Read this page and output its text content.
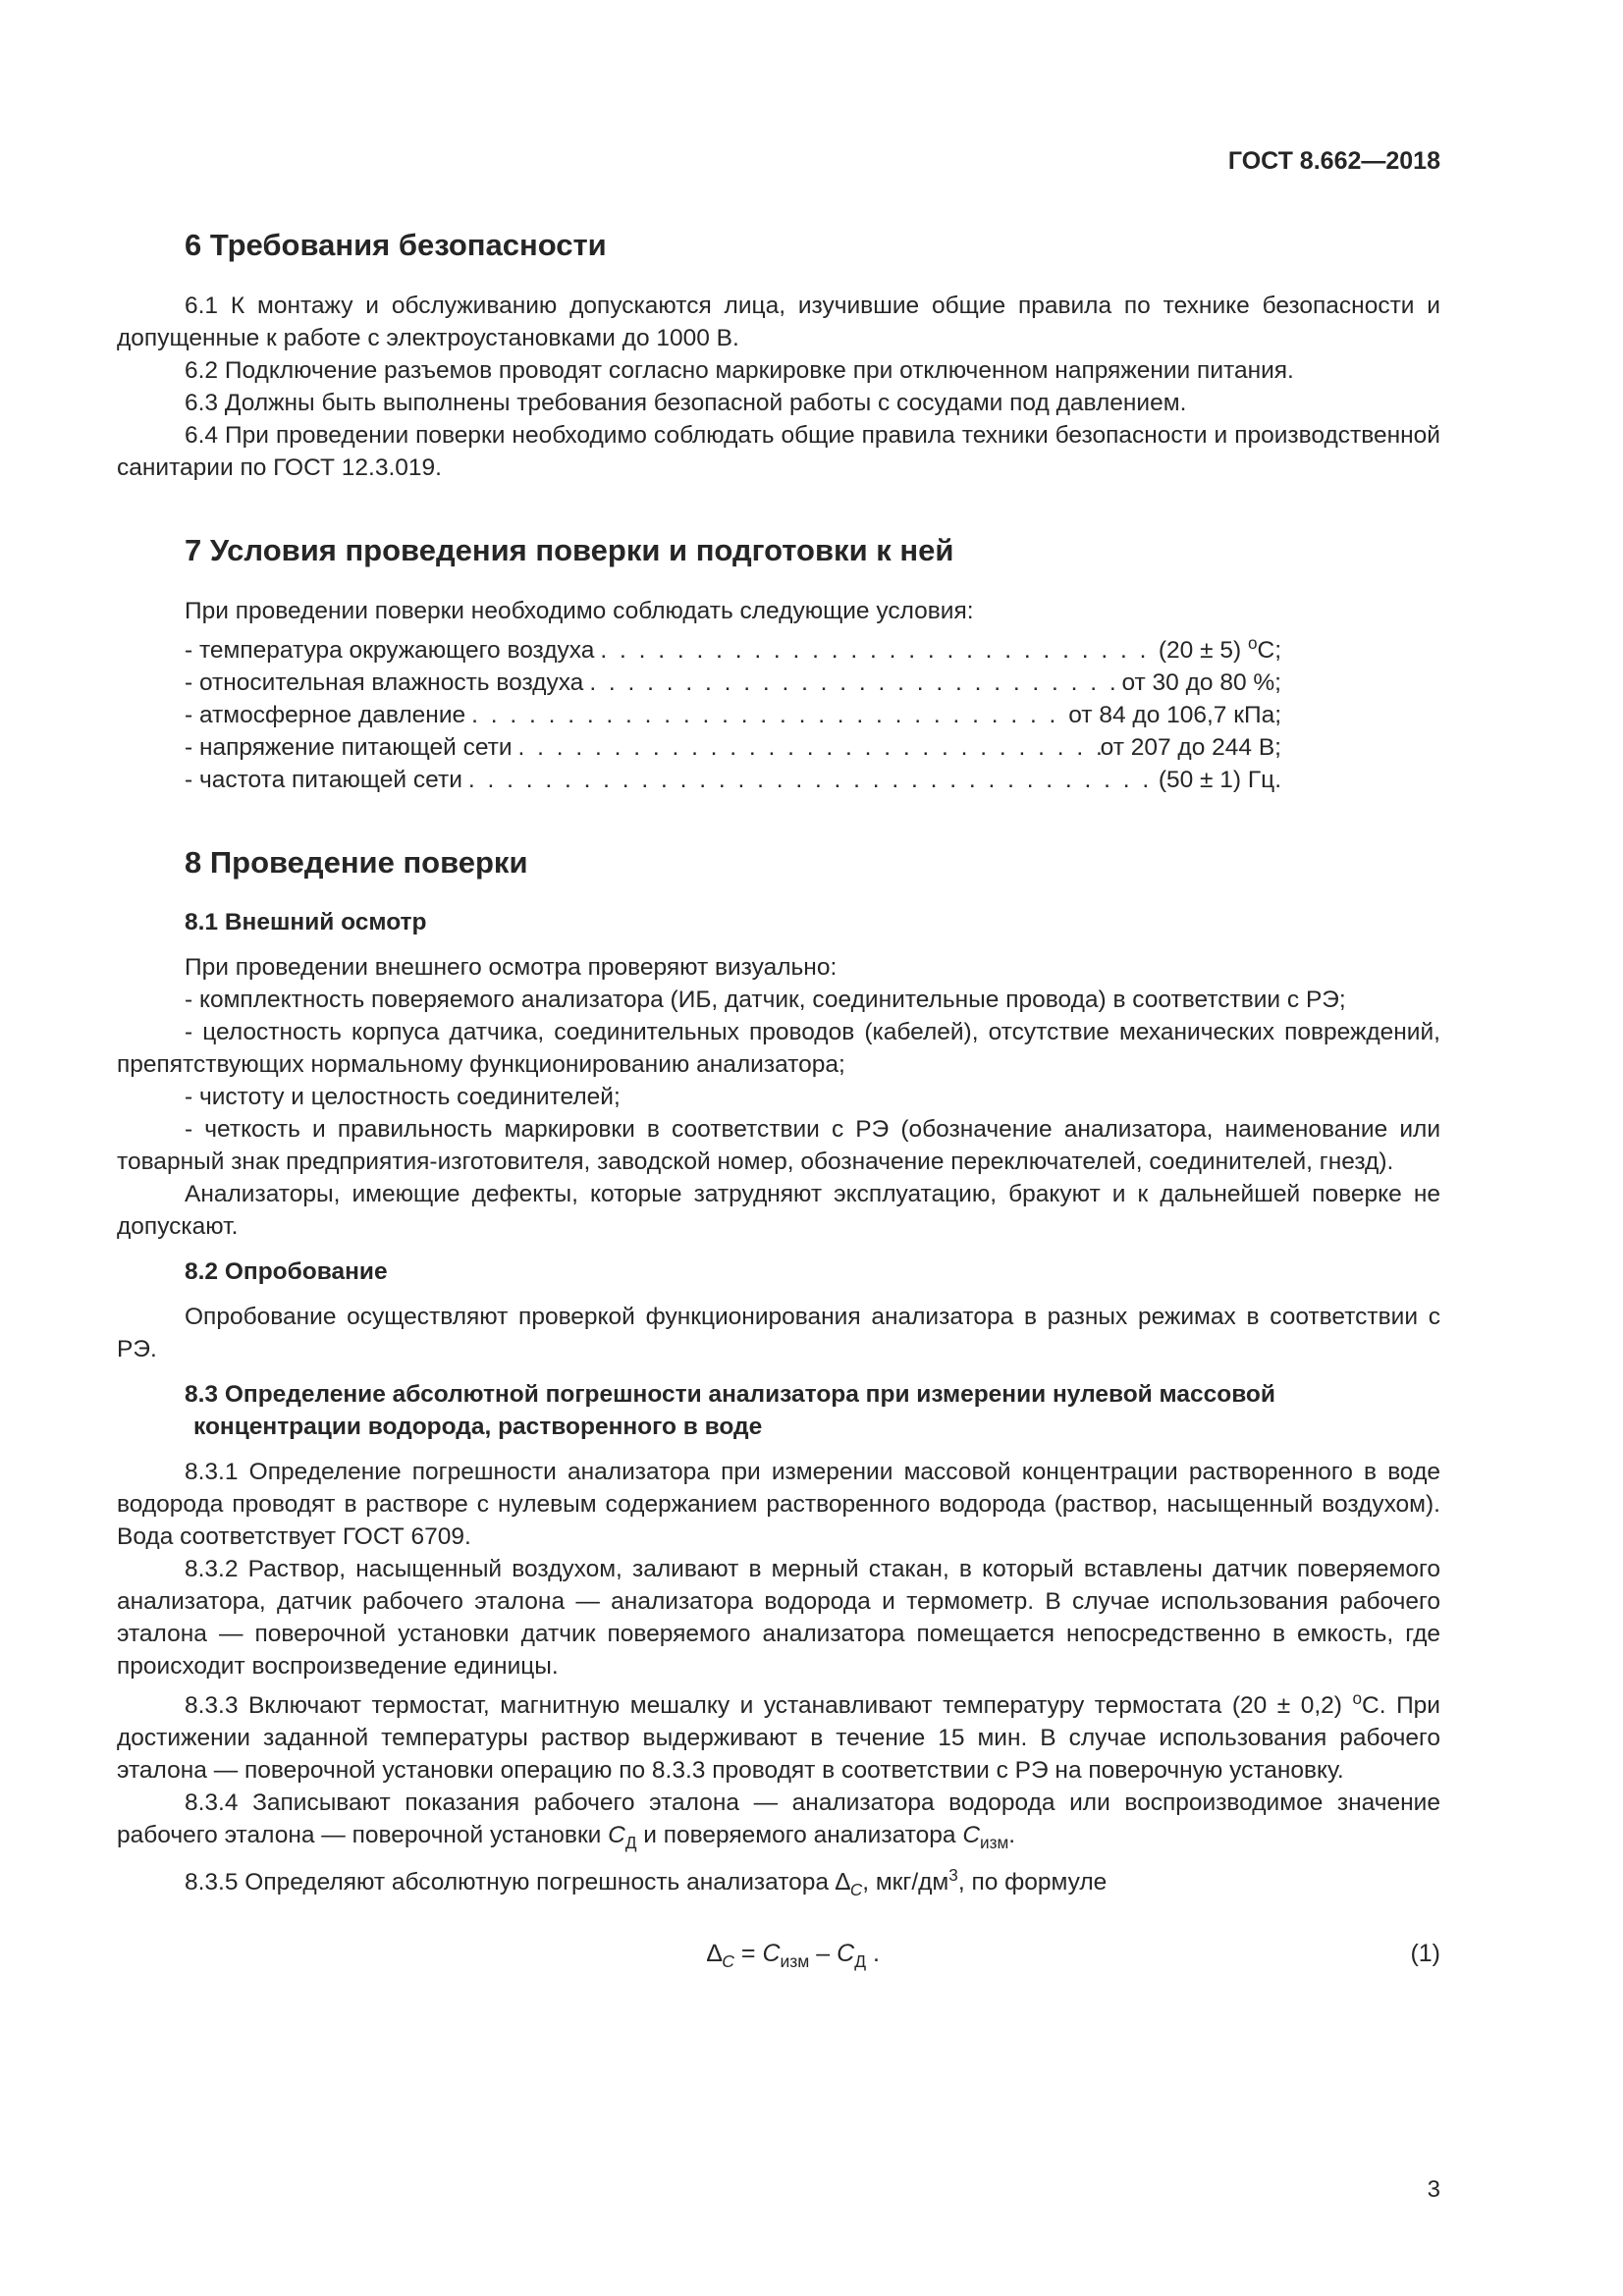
ГОСТ 8.662—2018
6 Требования безопасности

6.1 К монтажу и обслуживанию допускаются лица, изучившие общие правила по технике безопасности и допущенные к работе с электроустановками до 1000 В.

6.2 Подключение разъемов проводят согласно маркировке при отключенном напряжении питания.

6.3 Должны быть выполнены требования безопасной работы с сосудами под давлением.

6.4 При проведении поверки необходимо соблюдать общие правила техники безопасности и производственной санитарии по ГОСТ 12.3.019.

7 Условия проведения поверки и подготовки к ней

При проведении поверки необходимо соблюдать следующие условия:

- температура окружающего воздуха . . .	(20 ± 5) $^о$С;
- относительная влажность воздуха . . .	от 30 до 80 %;
- атмосферное давление . . .	от 84 до 106,7 кПа;
- напряжение питающей сети . . .	от 207 до 244 В;
- частота питающей сети . . .	(50 ± 1) Гц.
8 Проведение поверки
8.1 Внешний осмотр

При проведении внешнего осмотра проверяют визуально:

- комплектность поверяемого анализатора (ИБ, датчик, соединительные провода) в соответствии с РЭ;

- целостность корпуса датчика, соединительных проводов (кабелей), отсутствие механических повреждений, препятствующих нормальному функционированию анализатора;

- чистоту и целостность соединителей;

- четкость и правильность маркировки в соответствии с РЭ (обозначение анализатора, наименование или товарный знак предприятия-изготовителя, заводской номер, обозначение переключателей, соединителей, гнезд).

Анализаторы, имеющие дефекты, которые затрудняют эксплуатацию, бракуют и к дальнейшей поверке не допускают.

8.2 Опробование

Опробование осуществляют проверкой функционирования анализатора в разных режимах в соответствии с РЭ.

8.3 Определение абсолютной погрешности анализатора при измерении нулевой массовой
концентрации водорода, растворенного в воде

8.3.1 Определение погрешности анализатора при измерении массовой концентрации растворенного в воде водорода проводят в растворе с нулевым содержанием растворенного водорода (раствор, насыщенный воздухом). Вода соответствует ГОСТ 6709.

8.3.2 Раствор, насыщенный воздухом, заливают в мерный стакан, в который вставлены датчик поверяемого анализатора, датчик рабочего эталона — анализатора водорода и термометр. В случае использования рабочего эталона — поверочной установки датчик поверяемого анализатора помещается непосредственно в емкость, где происходит воспроизведение единицы.

8.3.3 Включают термостат, магнитную мешалку и устанавливают температуру термостата (20 ± 0,2) $^о$С. При достижении заданной температуры раствор выдерживают в течение 15 мин. В случае использования рабочего эталона — поверочной установки операцию по 8.3.3 проводят в соответствии с РЭ на поверочную установку.

8.3.4 Записывают показания рабочего эталона — анализатора водорода или воспроизводимое значение рабочего эталона — поверочной установки $C_Д$ и поверяемого анализатора $C_{изм}$.

8.3.5 Определяют абсолютную погрешность анализатора $\Delta_C$, мкг/$дм^3$, по формуле

$\Delta_C = C_{изм} - C_Д$ .	(1)
3
